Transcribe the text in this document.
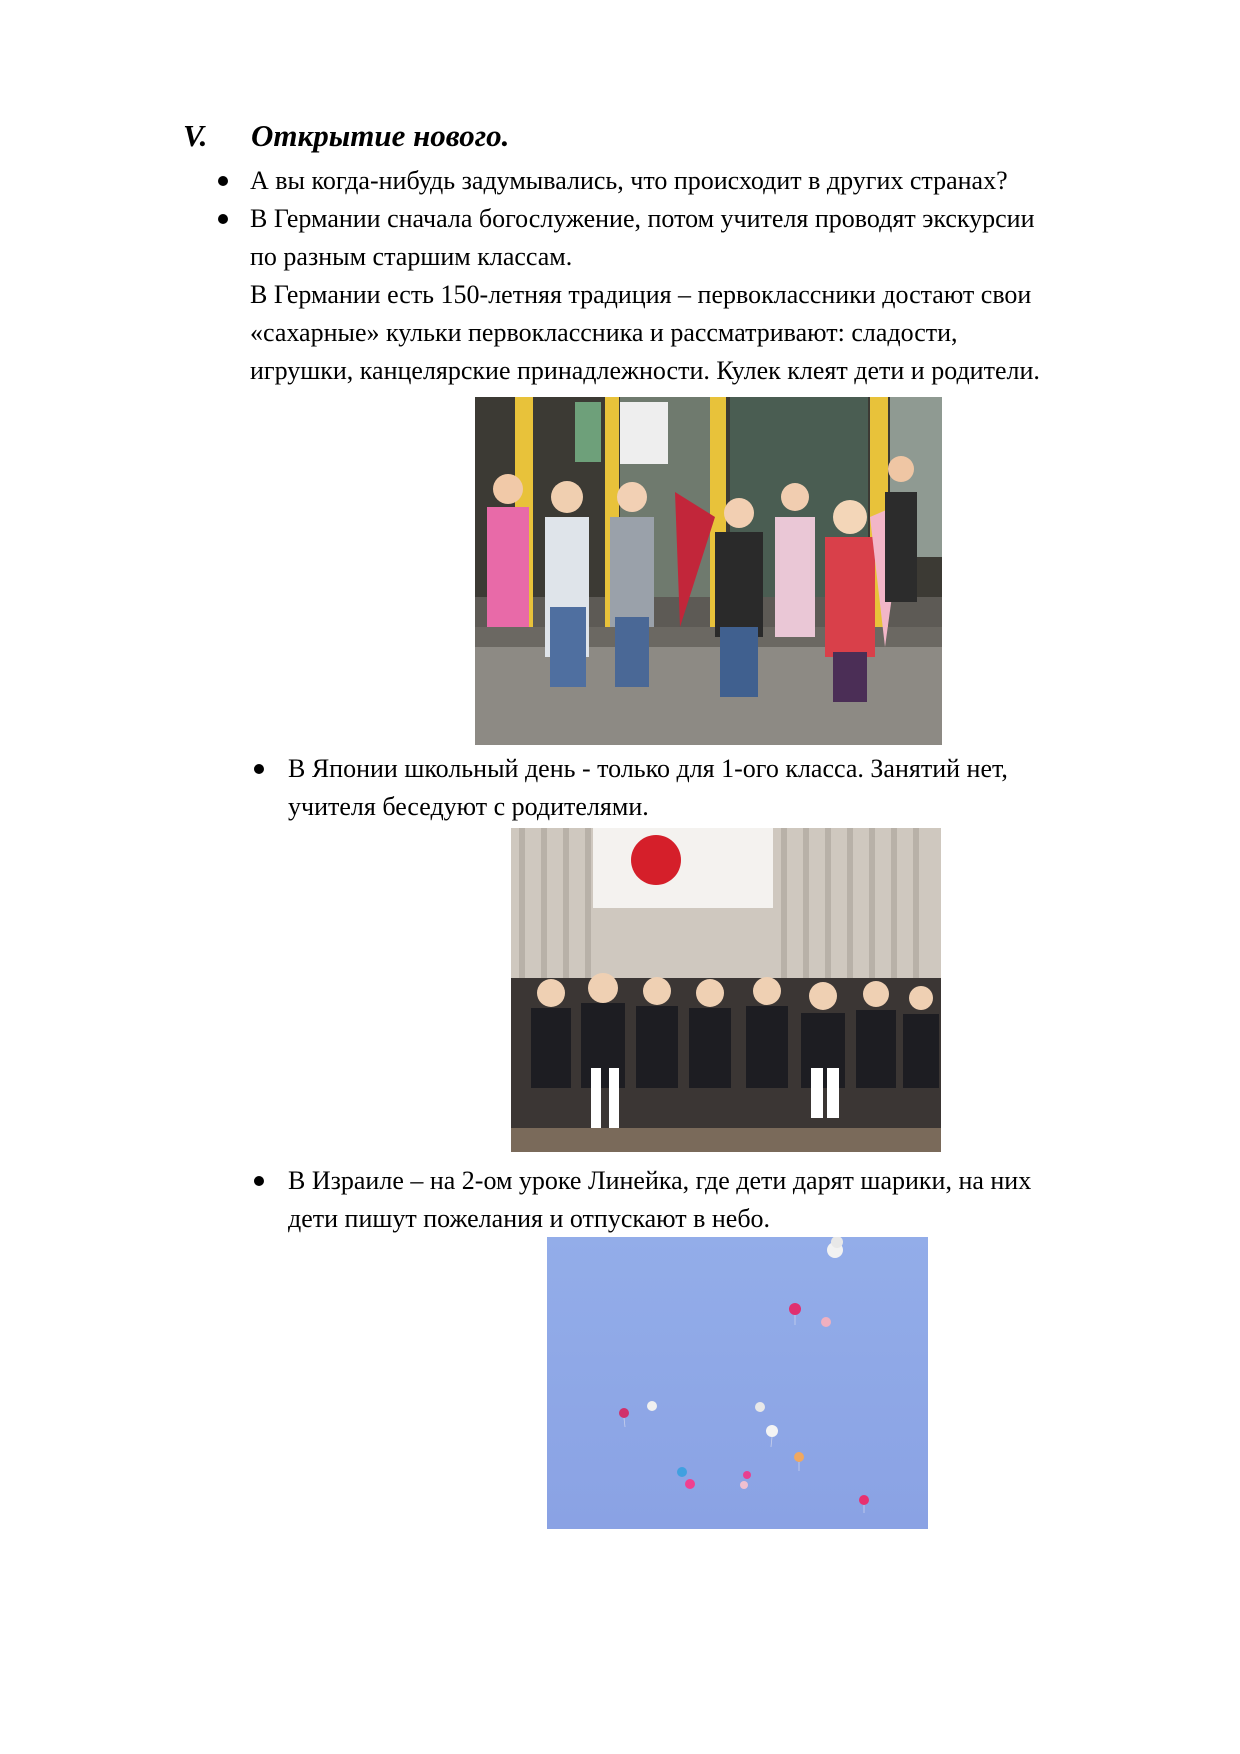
V. Открытие нового.
А вы когда-нибудь задумывались, что происходит в других странах?
В Германии сначала богослужение, потом учителя проводят экскурсии
по разным старшим классам.
В Германии есть 150-летняя традиция – первоклассники достают свои
«сахарные» кульки первоклассника и рассматривают: сладости,
игрушки, канцелярские принадлежности. Кулек клеят дети и родители.
В Японии школьный день - только для 1-ого класса. Занятий нет,
учителя беседуют с родителями.
В Израиле – на 2-ом уроке Линейка, где дети дарят шарики, на них
дети пишут пожелания и отпускают в небо.
